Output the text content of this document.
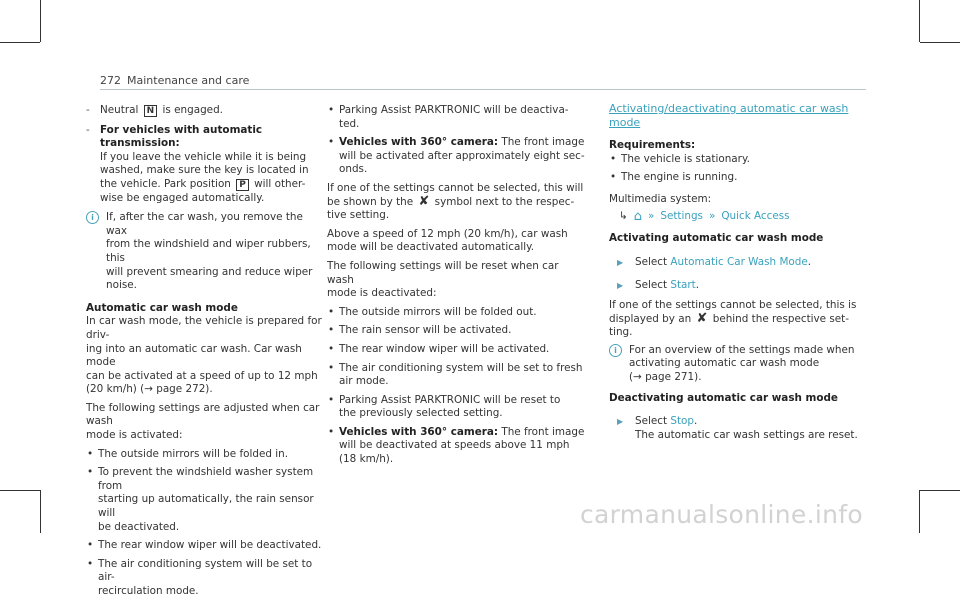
272 Maintenance and care

- Neutral N is engaged.

- For vehicles with automatic transmission:

If you leave the vehicle while it is being

washed, make sure the key is located in

the vehicle. Park position P will other-

wise be engaged automatically.

i	If, after the car wash, you remove the wax

from the windshield and wiper rubbers, this

will prevent smearing and reduce wiper noise.

Automatic car wash mode

In car wash mode, the vehicle is prepared for driv-

ing into an automatic car wash. Car wash mode

can be activated at a speed of up to 12 mph

(20 km/h) (→ page 272).

The following settings are adjusted when car wash

mode is activated:

• The outside mirrors will be folded in.

• To prevent the windshield washer system from

starting up automatically, the rain sensor will

be deactivated.

• The rear window wiper will be deactivated.

• The air conditioning system will be set to air-

recirculation mode.

• Parking Assist PARKTRONIC will be deactiva-

ted.

• Vehicles with 360° camera: The front image

will be activated after approximately eight sec-

onds.

If one of the settings cannot be selected, this will

be shown by the ✘ symbol next to the respec-

tive setting.

Above a speed of 12 mph (20 km/h), car wash

mode will be deactivated automatically.

The following settings will be reset when car wash

mode is deactivated:

• The outside mirrors will be folded out.

• The rain sensor will be activated.

• The rear window wiper will be activated.

• The air conditioning system will be set to fresh

air mode.

• Parking Assist PARKTRONIC will be reset to

the previously selected setting.

• Vehicles with 360° camera: The front image

will be deactivated at speeds above 11 mph

(18 km/h).

Activating/deactivating automatic car wash mode

Requirements:

• The vehicle is stationary.

• The engine is running.

Multimedia system:

↳ ⌂ » Settings » Quick Access

Activating automatic car wash mode

▶ Select Automatic Car Wash Mode.

▶ Select Start.

If one of the settings cannot be selected, this is

displayed by an ✘ behind the respective set-

ting.

i	For an overview of the settings made when

activating automatic car wash mode

(→ page 271).

Deactivating automatic car wash mode

▶ Select Stop.

The automatic car wash settings are reset.

carmanualsonline.info
